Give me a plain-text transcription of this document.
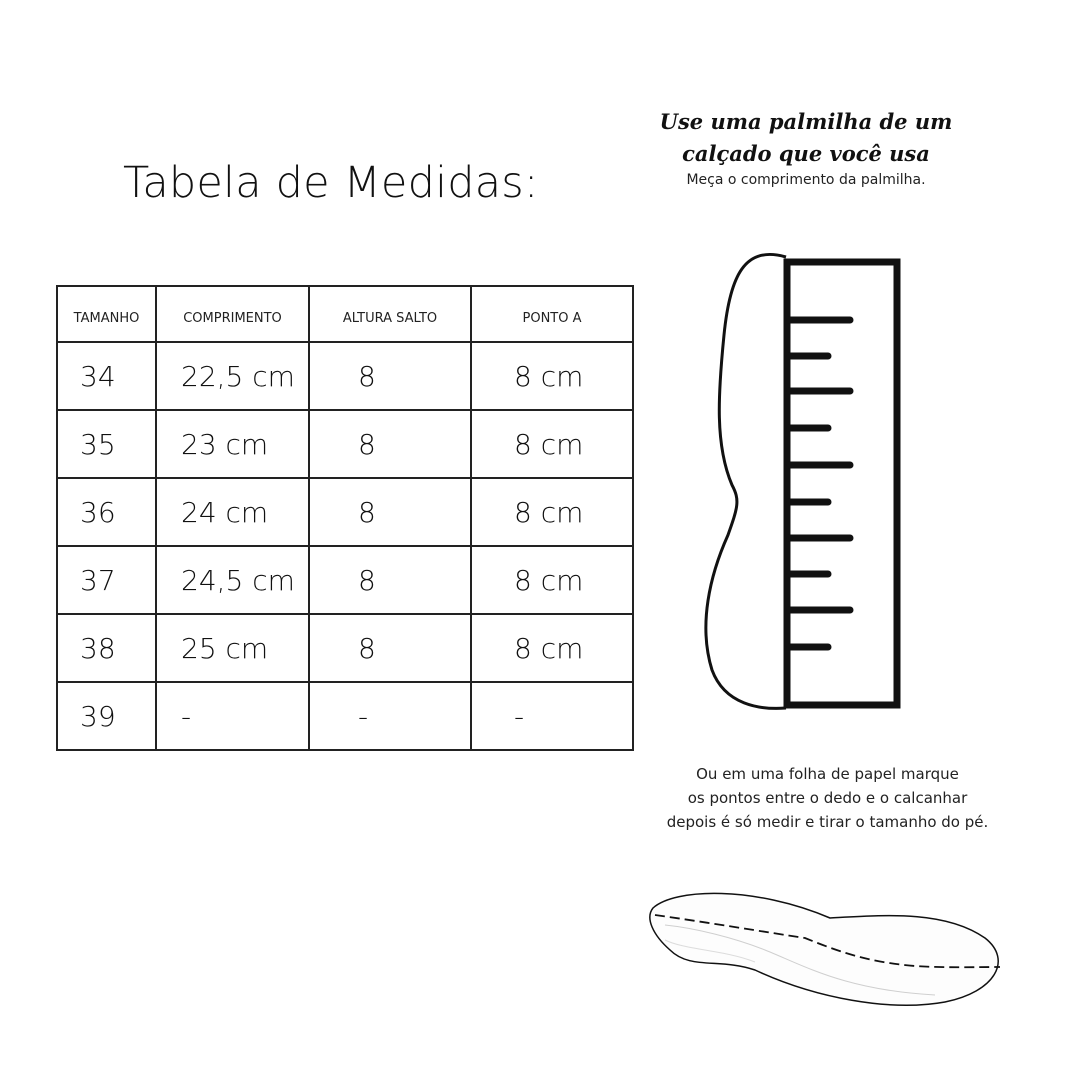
Tabela de Medidas:
TAMANHO	COMPRIMENTO	ALTURA SALTO	PONTO A
34	22,5 cm	8	8 cm
35	23 cm	8	8 cm
36	24 cm	8	8 cm
37	24,5 cm	8	8 cm
38	25 cm	8	8 cm
39	-	-	-
Use uma palmilha de um
calçado que você usa
Meça o comprimento da palmilha.
Ou em uma folha de papel marque
os pontos entre o dedo e o calcanhar
depois é só medir e tirar o tamanho do pé.
